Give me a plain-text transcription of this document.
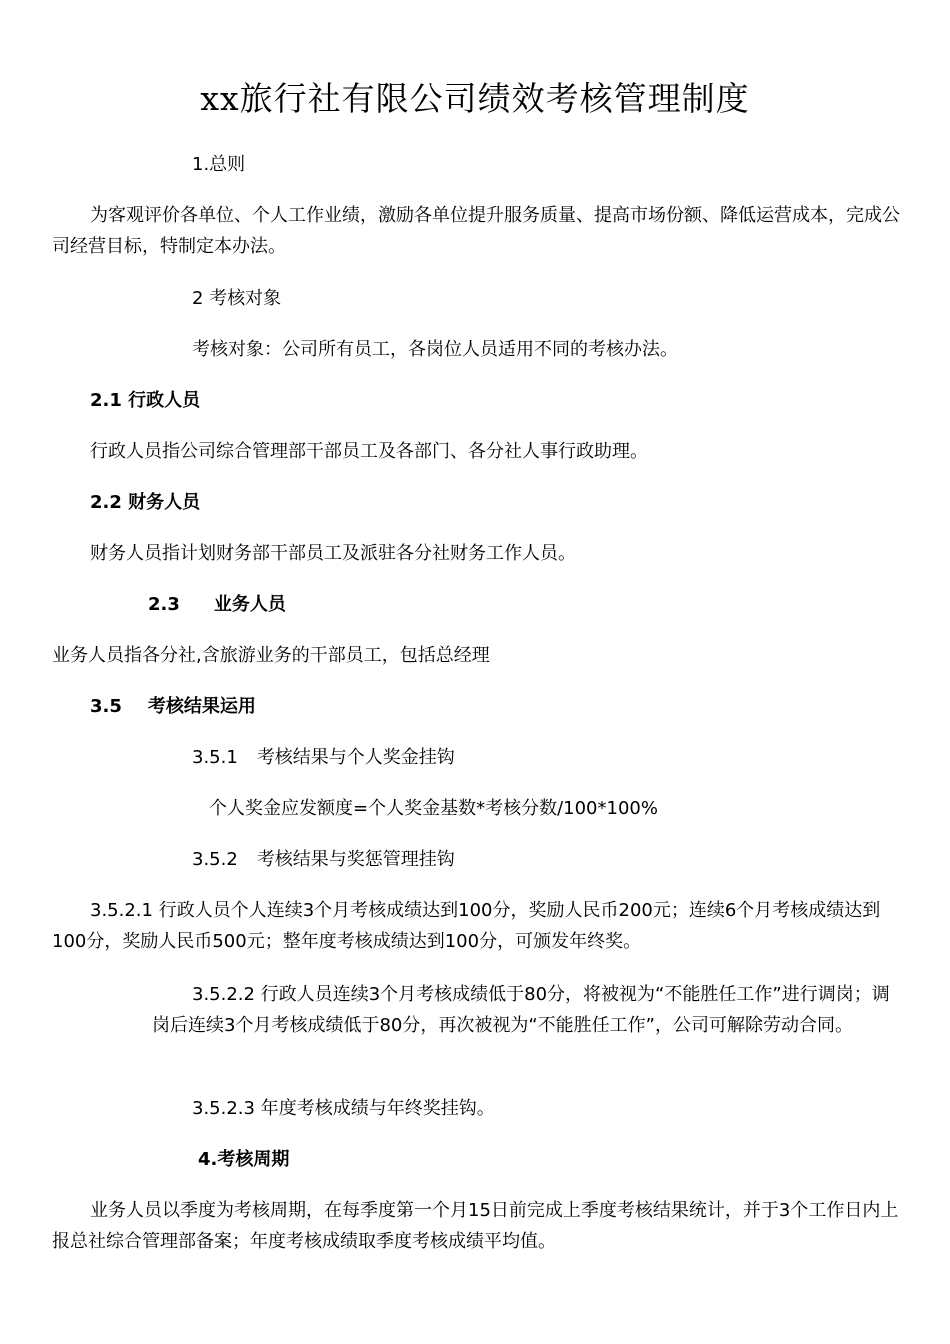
xx旅行社有限公司绩效考核管理制度
1.总则
为客观评价各单位、个人工作业绩，激励各单位提升服务质量、提高市场份额、降低运营成本，完成公司经营目标，特制定本办法。
2 考核对象
考核对象：公司所有员工，各岗位人员适用不同的考核办法。
2.1 行政人员
行政人员指公司综合管理部干部员工及各部门、各分社人事行政助理。
2.2 财务人员
财务人员指计划财务部干部员工及派驻各分社财务工作人员。
2.3 业务人员
业务人员指各分社,含旅游业务的干部员工，包括总经理
3.5 考核结果运用
3.5.1 考核结果与个人奖金挂钩
个人奖金应发额度=个人奖金基数*考核分数/100*100%
3.5.2 考核结果与奖惩管理挂钩
3.5.2.1 行政人员个人连续3个月考核成绩达到100分，奖励人民币200元；连续6个月考核成绩达到100分，奖励人民币500元；整年度考核成绩达到100分，可颁发年终奖。
3.5.2.2 行政人员连续3个月考核成绩低于80分，将被视为“不能胜任工作”进行调岗；调岗后连续3个月考核成绩低于80分，再次被视为“不能胜任工作”，公司可解除劳动合同。
3.5.2.3 年度考核成绩与年终奖挂钩。
4.考核周期
业务人员以季度为考核周期，在每季度第一个月15日前完成上季度考核结果统计，并于3个工作日内上报总社综合管理部备案；年度考核成绩取季度考核成绩平均值。
